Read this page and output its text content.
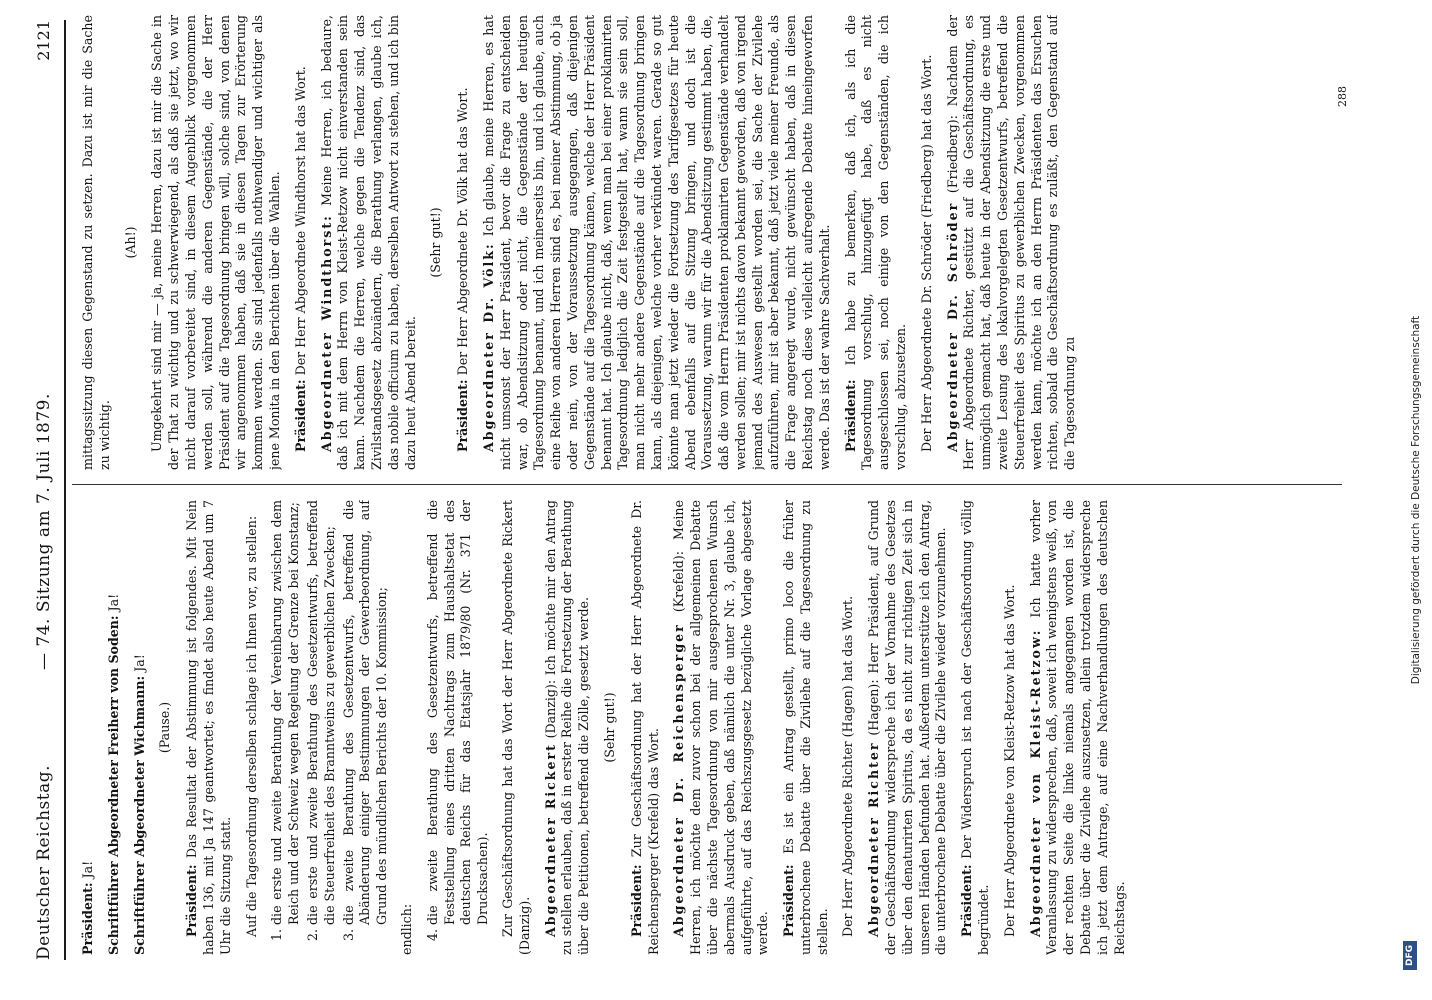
Deutscher Reichstag.
— 74. Sitzung am 7. Juli 1879.
2121

Präsident: Ja! Schriftführer Abgeordneter Freiherr von Soden: Ja!

Schriftführer Abgeordneter Wichmann: Ja!

(Pause.)

Präsident: Das Resultat der Abstimmung ist folgendes. Mit Nein haben 136, mit Ja 147 geantwortet; es findet also heute Abend um 7 Uhr die Sitzung statt. Auf die Tagesordnung derselben schlage ich Ihnen vor, zu stellen: 1. die erste und zweite Berathung der Vereinbarung zwischen dem Reich und der Schweiz wegen Regelung der Grenze bei Konstanz; 2. die erste und zweite Berathung des Gesetzentwurfs, betreffend die Steuerfreiheit des Branntweins zu gewerblichen Zwecken; 3. die zweite Berathung des Gesetzentwurfs, betreffend die Abänderung einiger Bestimmungen der Gewerbeordnung, auf Grund des mündlichen Berichts der 10. Kommission;

endlich:

4. die zweite Berathung des Gesetzentwurfs, betreffend die Feststellung eines dritten Nachtrags zum Haushaltsetat des deutschen Reichs für das Etatsjahr 1879/80 (Nr. 371 der Drucksachen). Zur Geschäftsordnung hat das Wort der Herr Abgeordnete Rickert (Danzig). Abgeordneter Rickert (Danzig): Ich möchte mir den Antrag zu stellen erlauben, daß in erster Reihe die Fortsetzung der Berathung über die Petitionen, betreffend die Zölle, gesetzt werde. (Sehr gut!)

Präsident: Zur Geschäftsordnung hat der Herr Abgeordnete Dr. Reichensperger (Krefeld) das Wort. Abgeordneter Dr. Reichensperger (Krefeld): Meine Herren, ich möchte dem zuvor schon bei der allgemeinen Debatte über die nächste Tagesordnung von mir ausgesprochenen Wunsch abermals Ausdruck geben, daß nämlich die unter Nr. 3, glaube ich, aufgeführte, auf das Reichszugsgesetz bezügliche Vorlage abgesetzt werde. Präsident: Es ist ein Antrag gestellt, primo loco die früher unterbrochene Debatte über die Zivilehe auf die Tagesordnung zu stellen. Der Herr Abgeordnete Richter (Hagen) hat das Wort. Abgeordneter Richter (Hagen): Herr Präsident, auf Grund der Geschäftsordnung widerspreche ich der Vornahme des Gesetzes über den denaturirten Spiritus, da es nicht zur richtigen Zeit sich in unseren Händen befunden hat. Außerdem unterstütze ich den Antrag, die unterbrochene Debatte über die Zivilehe wieder vorzunehmen. Präsident: Der Widerspruch ist nach der Geschäftsordnung völlig begründet. Der Herr Abgeordnete von Kleist-Retzow hat das Wort. Abgeordneter von Kleist-Retzow: Ich hatte vorher Veranlassung zu widersprechen, daß, soweit ich wenigstens weiß, von der rechten Seite die linke niemals angegangen worden ist, die Debatte über die Zivilehe auszusetzen, allein trotzdem widerspreche ich jetzt dem Antrage, auf eine Nachverhandlungen des deutschen Reichstags.

mittagssitzung diesen Gegenstand zu setzen. Dazu ist mir die Sache zu wichtig.

(Ah!) Umgekehrt sind mir — ja, meine Herren, dazu ist mir die Sache in der That zu wichtig und zu schwerwiegend, als daß sie jetzt, wo wir nicht darauf vorbereitet sind, in diesem Augenblick vorgenommen werden soll, während die anderen Gegenstände, die der Herr Präsident auf die Tagesordnung bringen will, solche sind, von denen wir angenommen haben, daß sie in diesen Tagen zur Erörterung kommen werden. Sie sind jedenfalls nothwendiger und wichtiger als jene Monita in den Berichten über die Wahlen. Präsident: Der Herr Abgeordnete Windthorst hat das Wort. Abgeordneter Windthorst: Meine Herren, ich bedaure, daß ich mit dem Herrn von Kleist-Retzow nicht einverstanden sein kann. Nachdem die Herren, welche gegen die Tendenz sind, das Zivilstandsgesetz abzuändern, die Berathung verlangen, glaube ich, das nobile officium zu haben, derselben Antwort zu stehen, und ich bin dazu heut Abend bereit.

(Sehr gut!)

Präsident: Der Herr Abgeordnete Dr. Völk hat das Wort. Abgeordneter Dr. Völk: Ich glaube, meine Herren, es hat nicht umsonst der Herr Präsident, bevor die Frage zu entscheiden war, ob Abendsitzung oder nicht, die Gegenstände der heutigen Tagesordnung benannt, und ich meinerseits bin, und ich glaube, auch eine Reihe von anderen Herren sind es, bei meiner Abstimmung, ob ja oder nein, von der Voraussetzung ausgegangen, daß diejenigen Gegenstände auf die Tagesordnung kämen, welche der Herr Präsident benannt hat. Ich glaube nicht, daß, wenn man bei einer proklamirten Tagesordnung lediglich die Zeit festgestellt hat, wann sie sein soll, man nicht mehr andere Gegenstände auf die Tagesordnung bringen kann, als diejenigen, welche vorher verkündet waren. Gerade so gut könnte man jetzt wieder die Fortsetzung des Tarifgesetzes für heute Abend ebenfalls auf die Sitzung bringen, und doch ist die Voraussetzung, warum wir für die Abendsitzung gestimmt haben, die, daß die vom Herrn Präsidenten proklamirten Gegenstände verhandelt werden sollen; mir ist nichts davon bekannt geworden, daß von irgend jemand des Auswesen gestellt worden sei, die Sache der Zivilehe aufzuführen, mir ist aber bekannt, daß jetzt viele meiner Freunde, als die Frage angeregt wurde, nicht gewünscht haben, daß in diesen Reichstag noch diese vielleicht aufregende Debatte hineingeworfen werde. Das ist der wahre Sachverhalt. Präsident: Ich habe zu bemerken, daß ich, als ich die Tagesordnung vorschlug, hinzugefügt habe, daß es nicht ausgeschlossen sei, noch einige von den Gegenständen, die ich vorschlug, abzusetzen. Der Herr Abgeordnete Dr. Schröder (Friedberg) hat das Wort. Abgeordneter Dr. Schröder (Friedberg): Nachdem der Herr Abgeordnete Richter, gestützt auf die Geschäftsordnung, es unmöglich gemacht hat, daß heute in der Abendsitzung die erste und zweite Lesung des lokalvorgelegten Gesetzentwurfs, betreffend die Steuerfreiheit des Spiritus zu gewerblichen Zwecken, vorgenommen werden kann, möchte ich an den Herrn Präsidenten das Ersuchen richten, sobald die Geschäftsordnung es zuläßt, den Gegenstand auf die Tagesordnung zu

288
DFG
Digitalisierung gefördert durch die Deutsche Forschungsgemeinschaft
